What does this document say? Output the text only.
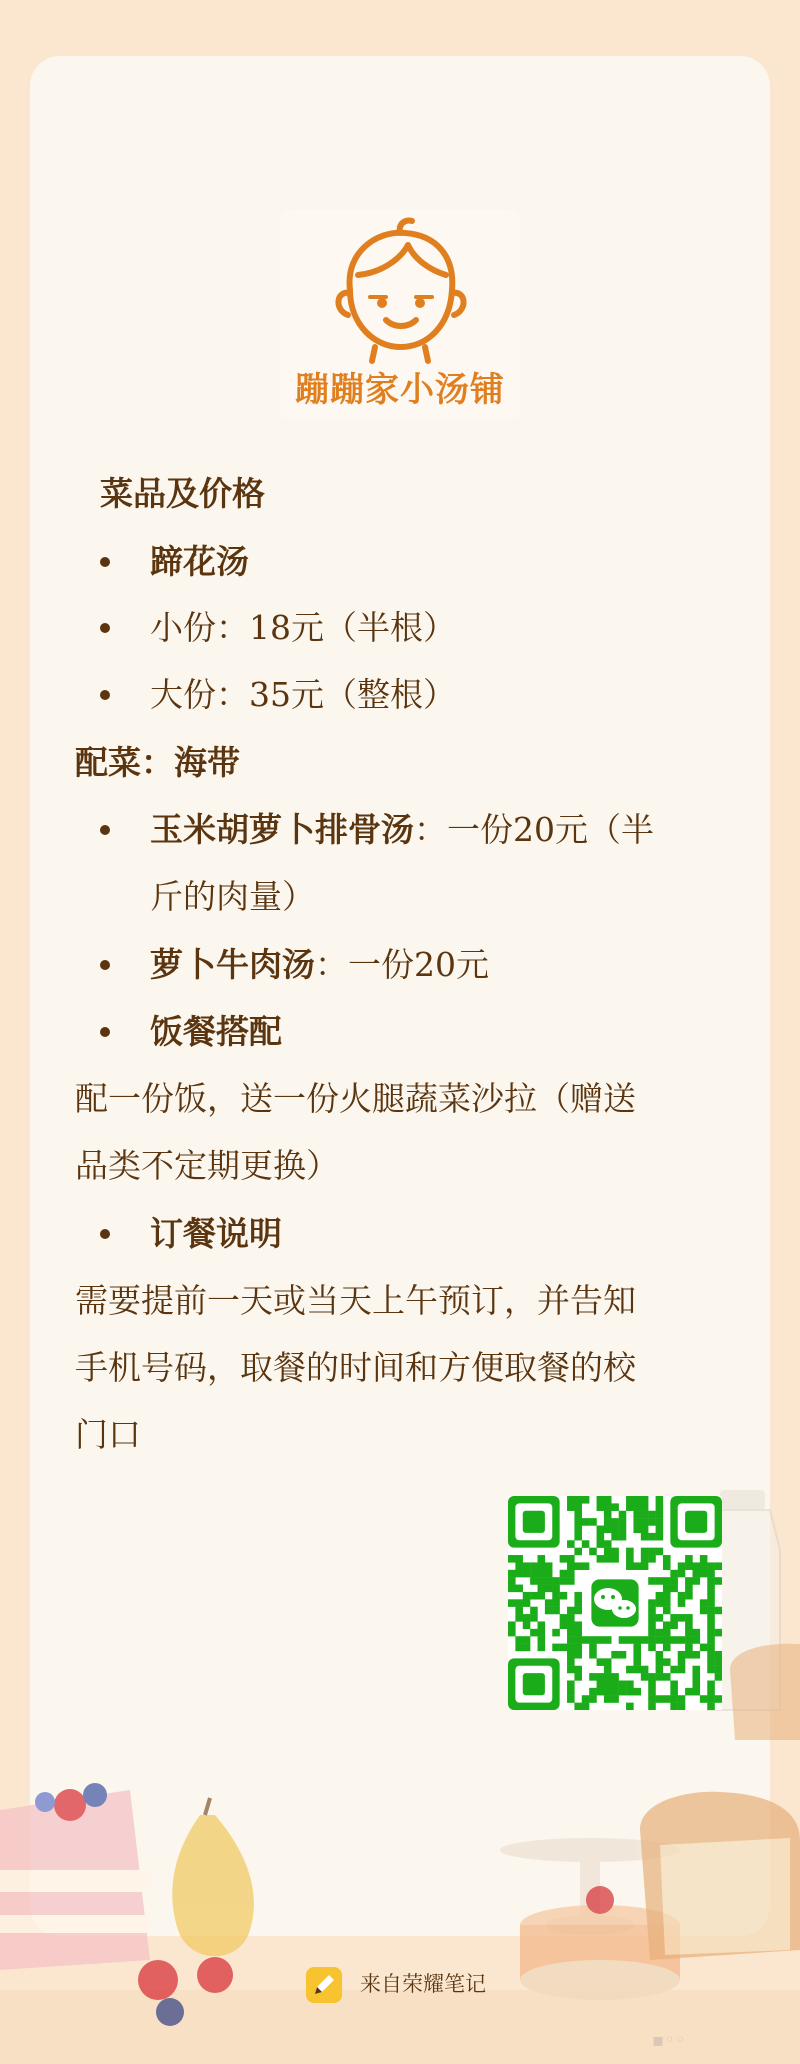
蹦蹦家小汤铺
菜品及价格
蹄花汤
小份：18元（半根）
大份：35元（整根）
配菜：海带
玉米胡萝卜排骨汤：一份20元（半
斤的肉量）
萝卜牛肉汤：一份20元
饭餐搭配
配一份饭，送一份火腿蔬菜沙拉（赠送
品类不定期更换）
订餐说明
需要提前一天或当天上午预订，并告知
手机号码，取餐的时间和方便取餐的校
门口
来自荣耀笔记
▪◦◦
